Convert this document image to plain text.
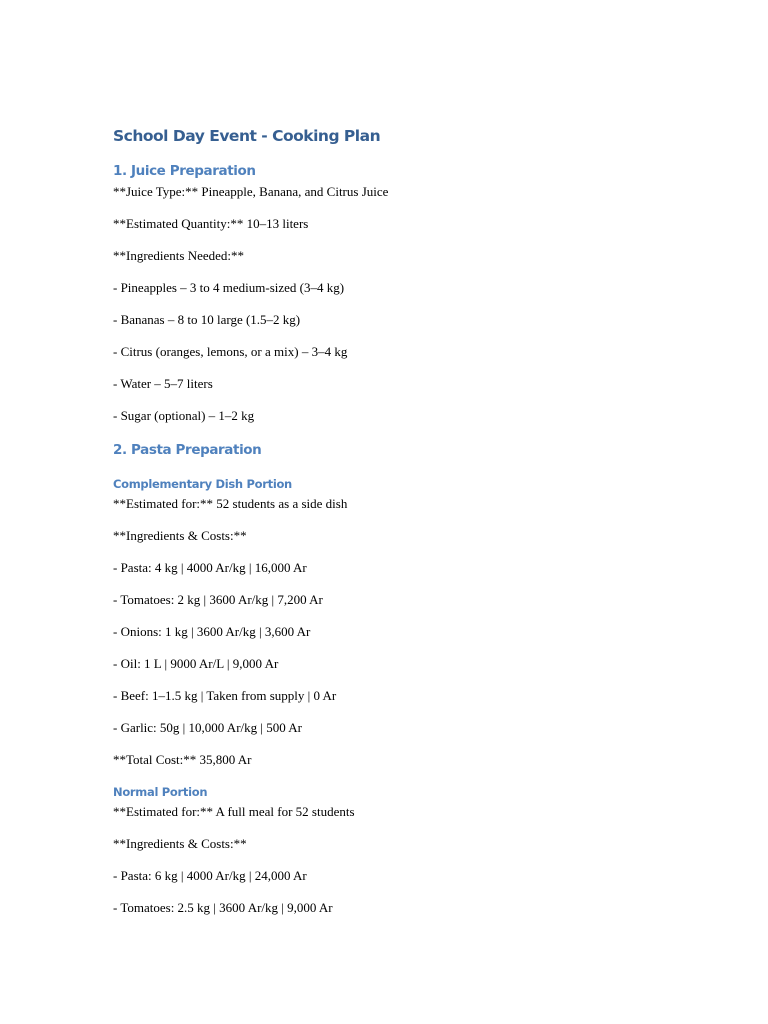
School Day Event - Cooking Plan
1. Juice Preparation
**Juice Type:** Pineapple, Banana, and Citrus Juice
**Estimated Quantity:** 10–13 liters
**Ingredients Needed:**
- Pineapples – 3 to 4 medium-sized (3–4 kg)
- Bananas – 8 to 10 large (1.5–2 kg)
- Citrus (oranges, lemons, or a mix) – 3–4 kg
- Water – 5–7 liters
- Sugar (optional) – 1–2 kg
2. Pasta Preparation
Complementary Dish Portion
**Estimated for:** 52 students as a side dish
**Ingredients & Costs:**
- Pasta: 4 kg | 4000 Ar/kg | 16,000 Ar
- Tomatoes: 2 kg | 3600 Ar/kg | 7,200 Ar
- Onions: 1 kg | 3600 Ar/kg | 3,600 Ar
- Oil: 1 L | 9000 Ar/L | 9,000 Ar
- Beef: 1–1.5 kg | Taken from supply | 0 Ar
- Garlic: 50g | 10,000 Ar/kg | 500 Ar
**Total Cost:** 35,800 Ar
Normal Portion
**Estimated for:** A full meal for 52 students
**Ingredients & Costs:**
- Pasta: 6 kg | 4000 Ar/kg | 24,000 Ar
- Tomatoes: 2.5 kg | 3600 Ar/kg | 9,000 Ar
